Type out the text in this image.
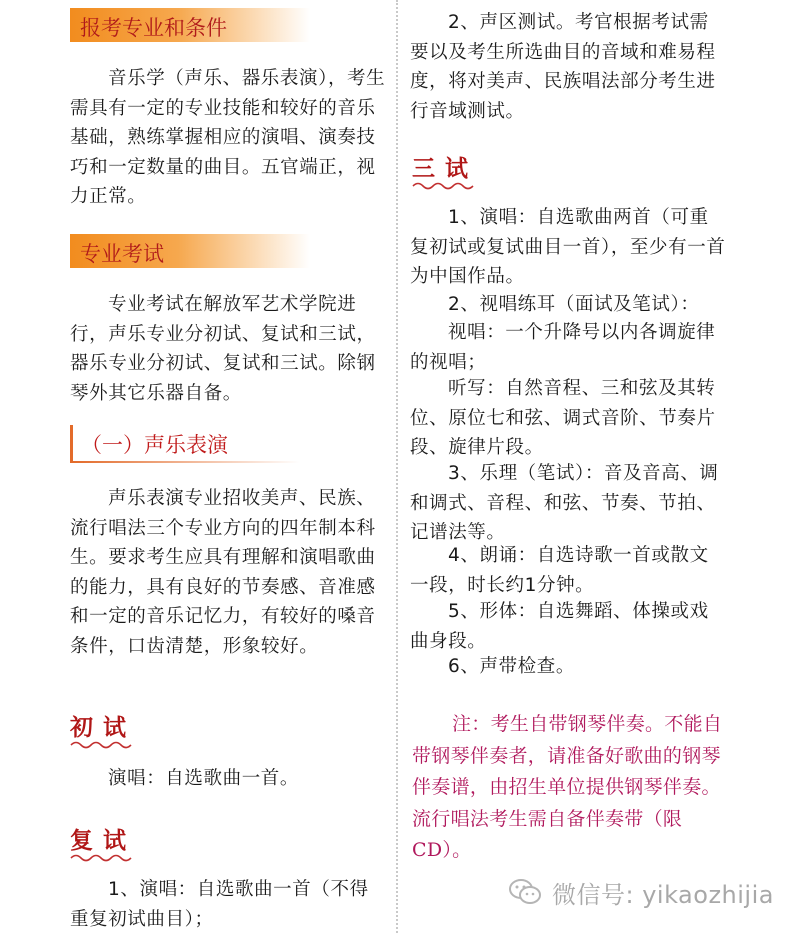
报考专业和条件
音乐学（声乐、器乐表演），考生需具有一定的专业技能和较好的音乐基础，熟练掌握相应的演唱、演奏技巧和一定数量的曲目。五官端正，视力正常。
专业考试
专业考试在解放军艺术学院进行，声乐专业分初试、复试和三试，器乐专业分初试、复试和三试。除钢琴外其它乐器自备。
（一）声乐表演
声乐表演专业招收美声、民族、流行唱法三个专业方向的四年制本科生。要求考生应具有理解和演唱歌曲的能力，具有良好的节奏感、音准感和一定的音乐记忆力，有较好的嗓音条件，口齿清楚，形象较好。
初试
演唱：自选歌曲一首。
复试
1、演唱：自选歌曲一首（不得重复初试曲目）；
2、声区测试。考官根据考试需要以及考生所选曲目的音域和难易程度，将对美声、民族唱法部分考生进行音域测试。
三试
1、演唱：自选歌曲两首（可重复初试或复试曲目一首），至少有一首为中国作品。
2、视唱练耳（面试及笔试）：
视唱：一个升降号以内各调旋律的视唱；
听写：自然音程、三和弦及其转位、原位七和弦、调式音阶、节奏片段、旋律片段。
3、乐理（笔试）：音及音高、调和调式、音程、和弦、节奏、节拍、记谱法等。
4、朗诵：自选诗歌一首或散文一段，时长约1分钟。
5、形体：自选舞蹈、体操或戏曲身段。
6、声带检查。
注：考生自带钢琴伴奏。不能自带钢琴伴奏者，请准备好歌曲的钢琴伴奏谱，由招生单位提供钢琴伴奏。流行唱法考生需自备伴奏带（限CD）。
微信号: yikaozhijia
